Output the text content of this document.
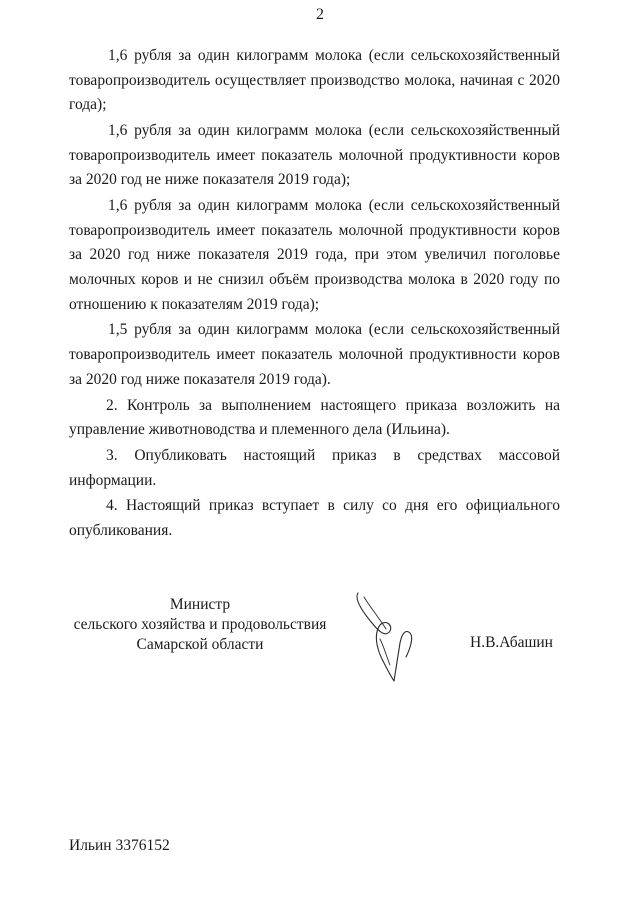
2

1,6 рубля за один килограмм молока (если сельскохозяйственный товаропроизводитель осуществляет производство молока, начиная с 2020 года);

1,6 рубля за один килограмм молока (если сельскохозяйственный товаропроизводитель имеет показатель молочной продуктивности коров за 2020 год не ниже показателя 2019 года);

1,6 рубля за один килограмм молока (если сельскохозяйственный товаропроизводитель имеет показатель молочной продуктивности коров за 2020 год ниже показателя 2019 года, при этом увеличил поголовье молочных коров и не снизил объём производства молока в 2020 году по отношению к показателям 2019 года);

1,5 рубля за один килограмм молока (если сельскохозяйственный товаропроизводитель имеет показатель молочной продуктивности коров за 2020 год ниже показателя 2019 года).

2. Контроль за выполнением настоящего приказа возложить на управление животноводства и племенного дела (Ильина).

3. Опубликовать настоящий приказ в средствах массовой информации.

4. Настоящий приказ вступает в силу со дня его официального опубликования.

Министр
сельского хозяйства и продовольствия
Самарской области	Н.В.Абашин
Ильин 3376152
